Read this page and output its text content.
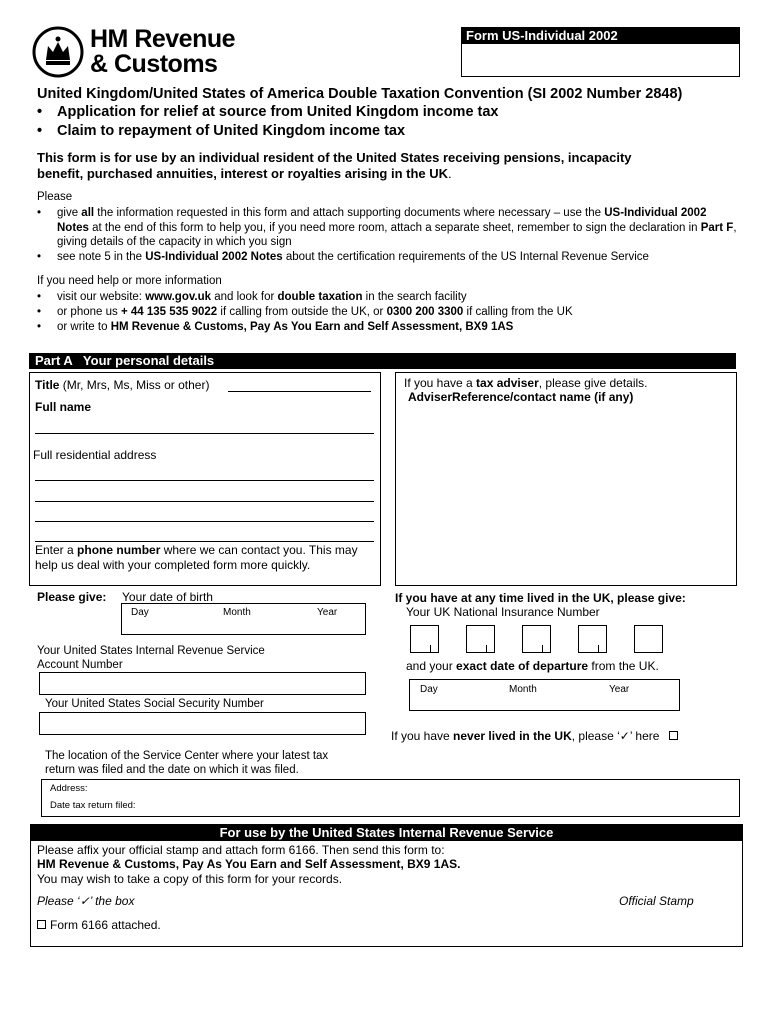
HM Revenue
& Customs
Form US-Individual 2002
United Kingdom/United States of America Double Taxation Convention (SI 2002 Number 2848)
• Application for relief at source from United Kingdom income tax
• Claim to repayment of United Kingdom income tax
This form is for use by an individual resident of the United States receiving pensions, incapacity benefit, purchased annuities, interest or royalties arising in the UK.
Please
• give all the information requested in this form and attach supporting documents where necessary – use the US-Individual 2002 Notes at the end of this form to help you, if you need more room, attach a separate sheet, remember to sign the declaration in Part F, giving details of the capacity in which you sign
• see note 5 in the US-Individual 2002 Notes about the certification requirements of the US Internal Revenue Service
If you need help or more information
• visit our website: www.gov.uk and look for double taxation in the search facility
• or phone us + 44 135 535 9022 if calling from outside the UK, or 0300 200 3300 if calling from the UK
• or write to HM Revenue & Customs, Pay As You Earn and Self Assessment, BX9 1AS
Part A   Your personal details
Title (Mr, Mrs, Ms, Miss or other)
Full name
Full residential address
Enter a phone number where we can contact you. This may help us deal with your completed form more quickly.
If you have a tax adviser, please give details.
AdviserReference/contact name (if any)
Please give: Your date of birth
Day	Month	Year
Your United States Internal Revenue Service Account Number
Your United States Social Security Number
If you have at any time lived in the UK, please give:
Your UK National Insurance Number
and your exact date of departure from the UK.
Day	Month	Year
If you have never lived in the UK, please ‘✓’ here
The location of the Service Center where your latest tax return was filed and the date on which it was filed.
Address:
Date tax return filed:
For use by the United States Internal Revenue Service
Please affix your official stamp and attach form 6166. Then send this form to:
HM Revenue & Customs, Pay As You Earn and Self Assessment, BX9 1AS.
You may wish to take a copy of this form for your records.
Please ‘✓’ the box	Official Stamp
Form 6166 attached.
